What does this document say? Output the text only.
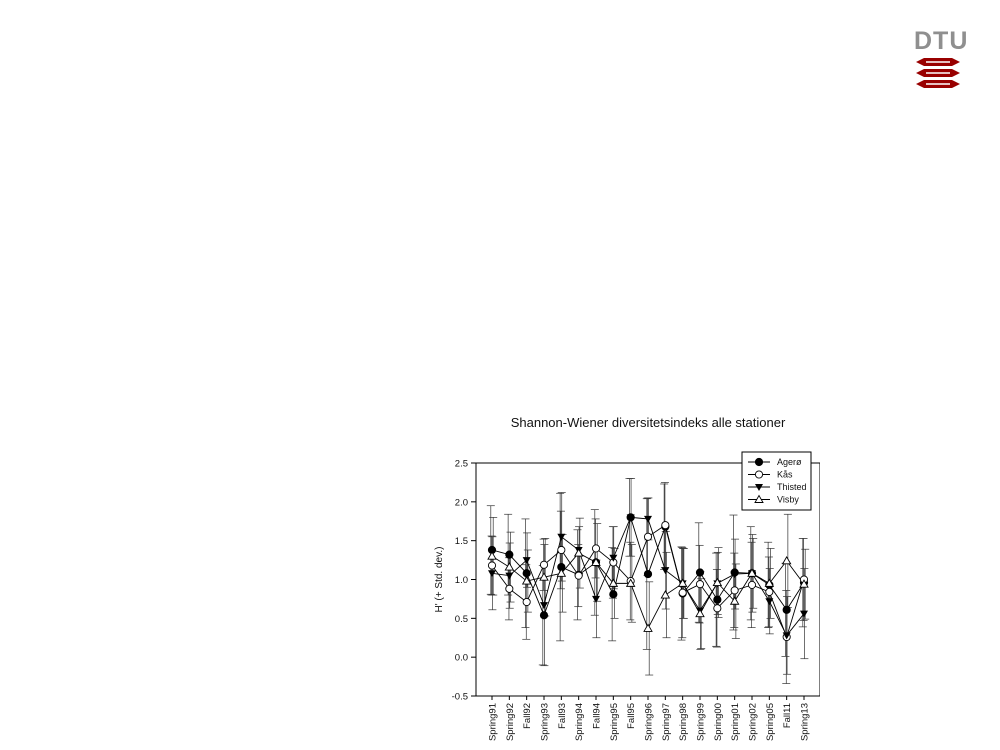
DTU
Shannon-Wiener diversitetsindeks alle stationer
-0.5
0.0
0.5
1.0
1.5
2.0
2.5
H' (+ Std. dev.)
Spring91 Spring92 Fall92 Spring93 Fall93 Spring94 Fall94 Spring95 Fall95 Spring96 Spring97 Spring98 Spring99 Spring00 Spring01 Spring02 Spring05 Fall11 Spring13
Agerø
Kås
Thisted
Visby
